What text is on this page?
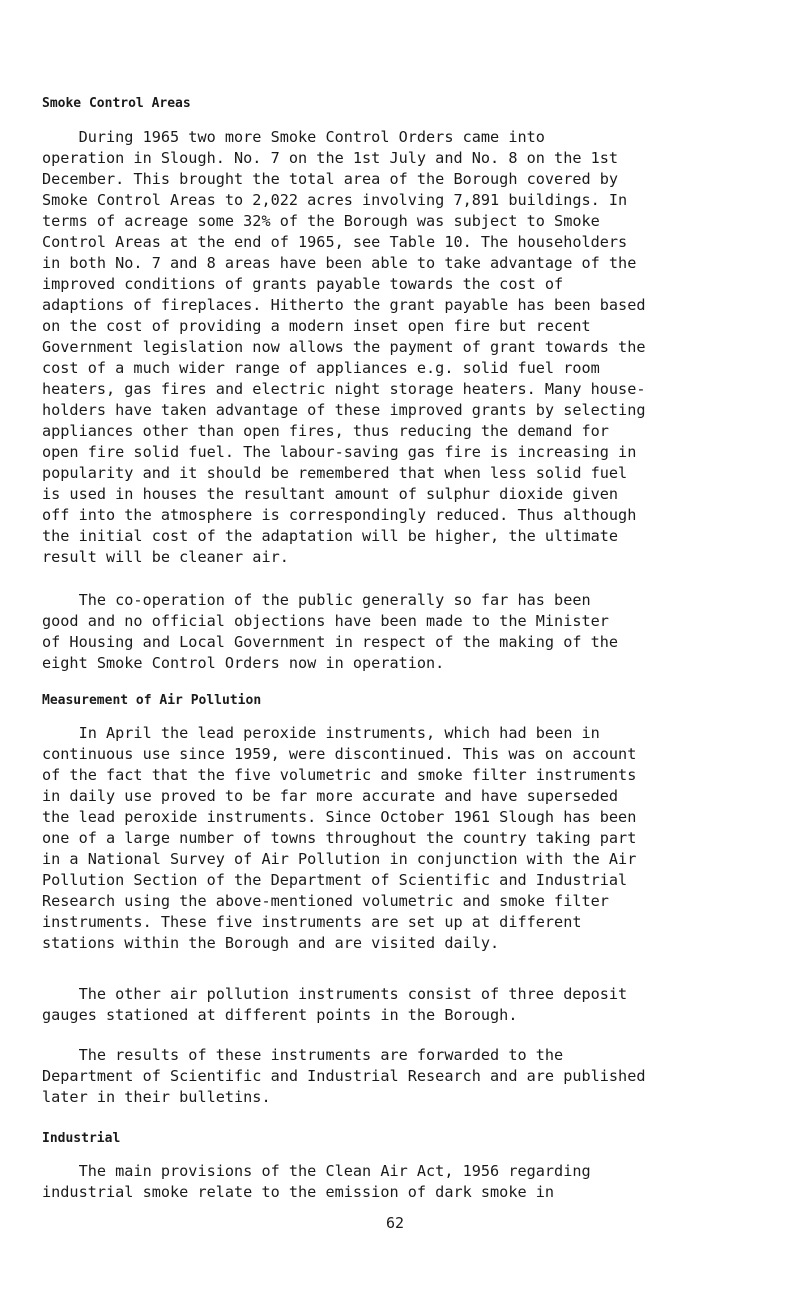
Smoke Control Areas

During 1965 two more Smoke Control Orders came into
operation in Slough. No. 7 on the 1st July and No. 8 on the 1st
December. This brought the total area of the Borough covered by
Smoke Control Areas to 2,022 acres involving 7,891 buildings. In
terms of acreage some 32% of the Borough was subject to Smoke
Control Areas at the end of 1965, see Table 10. The householders
in both No. 7 and 8 areas have been able to take advantage of the
improved conditions of grants payable towards the cost of
adaptions of fireplaces. Hitherto the grant payable has been based
on the cost of providing a modern inset open fire but recent
Government legislation now allows the payment of grant towards the
cost of a much wider range of appliances e.g. solid fuel room
heaters, gas fires and electric night storage heaters. Many house-
holders have taken advantage of these improved grants by selecting
appliances other than open fires, thus reducing the demand for
open fire solid fuel. The labour-saving gas fire is increasing in
popularity and it should be remembered that when less solid fuel
is used in houses the resultant amount of sulphur dioxide given
off into the atmosphere is correspondingly reduced. Thus although
the initial cost of the adaptation will be higher, the ultimate
result will be cleaner air.

The co-operation of the public generally so far has been
good and no official objections have been made to the Minister
of Housing and Local Government in respect of the making of the
eight Smoke Control Orders now in operation.

Measurement of Air Pollution

In April the lead peroxide instruments, which had been in
continuous use since 1959, were discontinued. This was on account
of the fact that the five volumetric and smoke filter instruments
in daily use proved to be far more accurate and have superseded
the lead peroxide instruments. Since October 1961 Slough has been
one of a large number of towns throughout the country taking part
in a National Survey of Air Pollution in conjunction with the Air
Pollution Section of the Department of Scientific and Industrial
Research using the above-mentioned volumetric and smoke filter
instruments. These five instruments are set up at different
stations within the Borough and are visited daily.

The other air pollution instruments consist of three deposit
gauges stationed at different points in the Borough.

The results of these instruments are forwarded to the
Department of Scientific and Industrial Research and are published
later in their bulletins.

Industrial

The main provisions of the Clean Air Act, 1956 regarding
industrial smoke relate to the emission of dark smoke in

62
